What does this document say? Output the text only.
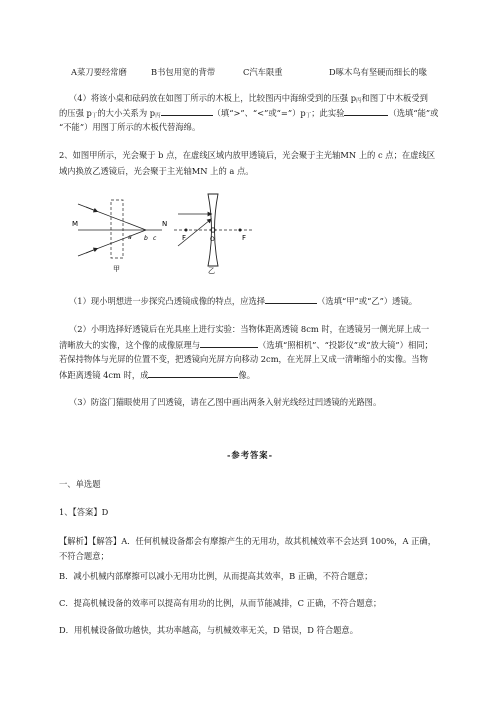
A菜刀要经常磨	B书包用宽的背带	C汽车限重	D啄木鸟有坚硬而细长的喙
（4）将该小桌和砝码放在如图丁所示的木板上，比较图丙中海绵受到的压强 p丙和图丁中木板受到
的压强 p丁的大小关系为 p丙	（填“>”、“<”或“=”）p丁；此实验	（选填“能”或
“不能”）用图丁所示的木板代替海绵。
2、如图甲所示，光会聚于 b 点，在虚线区域内放甲透镜后，光会聚于主光轴MN 上的 c 点；在虚线区
域内换放乙透镜后，光会聚于主光轴MN 上的 a 点。
M	N
a b c
甲
F	O	F
乙
（1）现小明想进一步探究凸透镜成像的特点，应选择	（选填“甲”或“乙”）透镜。
（2）小明选择好透镜后在光具座上进行实验：当物体距离透镜 8cm 时，在透镜另一侧光屏上成一
清晰放大的实像，这个像的成像原理与	（选填“照相机”、“投影仪”或“放大镜”）相同；
若保持物体与光屏的位置不变，把透镜向光屏方向移动 2cm，在光屏上又成一清晰缩小的实像。当物
体距离透镜 4cm 时，成	像。
（3）防盗门猫眼使用了凹透镜，请在乙图中画出两条入射光线经过凹透镜的光路图。
-参考答案-
一、单选题
1、【答案】D
【解析】【解答】A．任何机械设备都会有摩擦产生的无用功，故其机械效率不会达到 100%，A 正确，
不符合题意；
B．减小机械内部摩擦可以减小无用功比例，从而提高其效率，B 正确，不符合题意；
C．提高机械设备的效率可以提高有用功的比例，从而节能减排，C 正确，不符合题意；
D．用机械设备做功越快，其功率越高，与机械效率无关，D 错误，D 符合题意。
